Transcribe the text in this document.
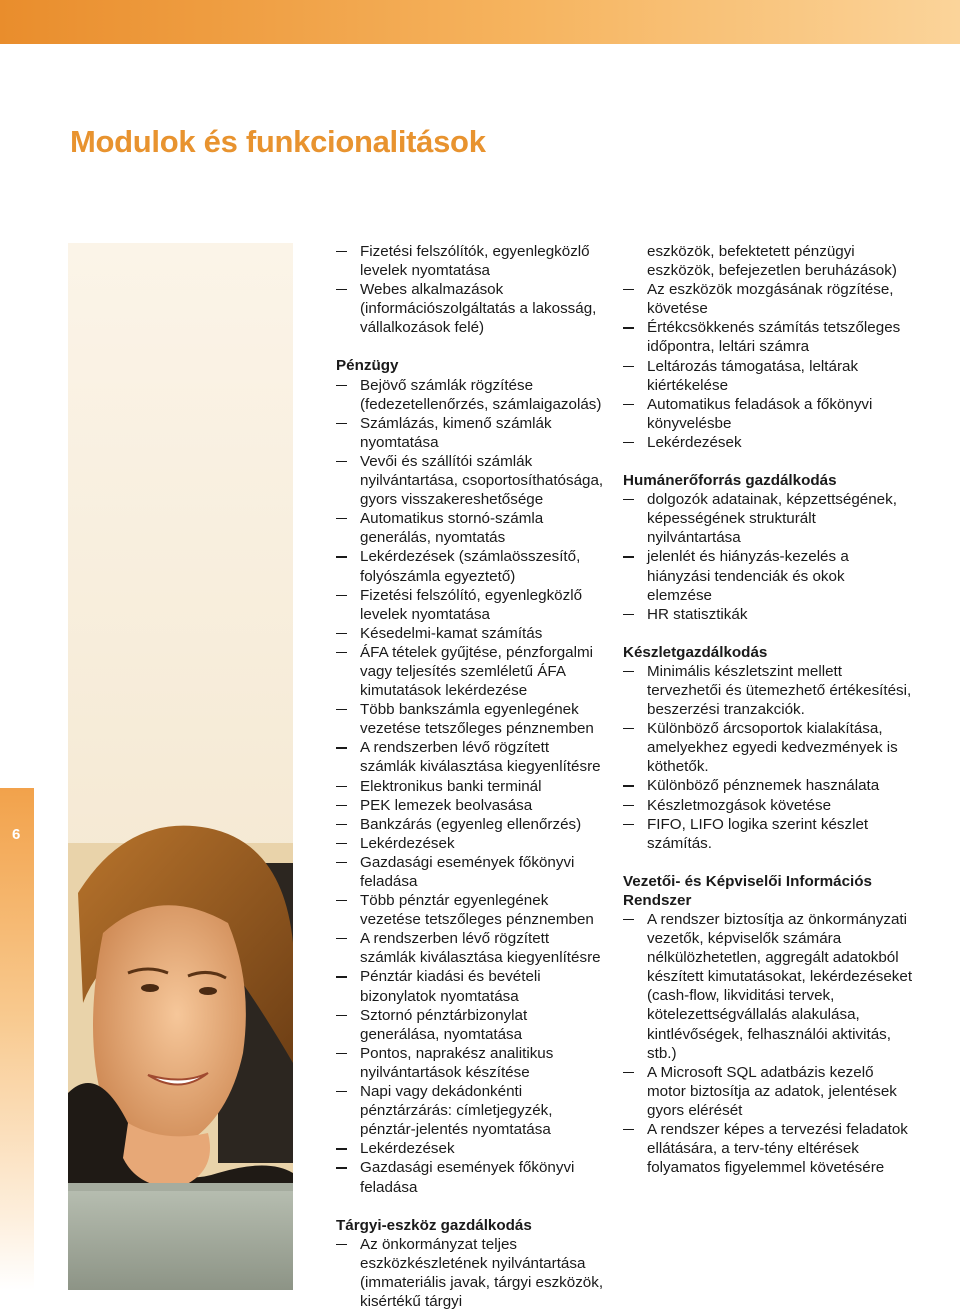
Modulok és funkcionalitások
6
Fizetési felszólítók, egyenlegközlő levelek nyomtatása
Webes alkalmazások (információszolgáltatás a lakosság, vállalkozások felé)

Pénzügy

Bejövő számlák rögzítése (fedezetellenőrzés, számlaigazolás)
Számlázás, kimenő számlák nyomtatása
Vevői és szállítói számlák nyilvántartása, csoportosíthatósága, gyors visszakereshetősége
Automatikus stornó-számla generálás, nyomtatás
Lekérdezések (számlaösszesítő, folyószámla egyeztető)
Fizetési felszólító, egyenlegközlő levelek nyomtatása
Késedelmi-kamat számítás
ÁFA tételek gyűjtése, pénzforgalmi vagy teljesítés szemléletű ÁFA kimutatások lekérdezése
Több bankszámla egyenlegének vezetése tetszőleges pénznemben
A rendszerben lévő rögzített számlák kiválasztása kiegyenlítésre
Elektronikus banki terminál
PEK lemezek beolvasása
Bankzárás (egyenleg ellenőrzés)
Lekérdezések
Gazdasági események főkönyvi feladása
Több pénztár egyenlegének vezetése tetszőleges pénznemben
A rendszerben lévő rögzített számlák kiválasztása kiegyenlítésre
Pénztár kiadási és bevételi bizonylatok nyomtatása
Sztornó pénztárbizonylat generálása, nyomtatása
Pontos, naprakész analitikus nyilvántartások készítése
Napi vagy dekádonkénti pénztárzárás: címletjegyzék, pénztár-jelentés nyomtatása
Lekérdezések
Gazdasági események főkönyvi feladása

Tárgyi-eszköz gazdálkodás

Az önkormányzat teljes eszközkészletének nyilvántartása (immateriális javak, tárgyi eszközök, kisértékű tárgyi
eszközök, befektetett pénzügyi eszközök, befejezetlen beruházások)
Az eszközök mozgásának rögzítése, követése
Értékcsökkenés számítás tetszőleges időpontra, leltári számra
Leltározás támogatása, leltárak kiértékelése
Automatikus feladások a főkönyvi könyvelésbe
Lekérdezések

Humánerőforrás gazdálkodás

dolgozók adatainak, képzettségének, képességének strukturált nyilvántartása
jelenlét és hiányzás-kezelés a hiányzási tendenciák és okok elemzése
HR statisztikák

Készletgazdálkodás

Minimális készletszint mellett tervezhetői és ütemezhető értékesítési, beszerzési tranzakciók.
Különböző árcsoportok kialakítása, amelyekhez egyedi kedvezmények is köthetők.
Különböző pénznemek használata
Készletmozgások követése
FIFO, LIFO logika szerint készlet számítás.

Vezetői- és Képviselői Információs Rendszer

A rendszer biztosítja az önkormányzati vezetők, képviselők számára nélkülözhetetlen, aggregált adatokból készített kimutatásokat, lekérdezéseket (cash-flow, likviditási tervek, kötelezettségvállalás alakulása, kintlévőségek, felhasználói aktivitás, stb.)
A Microsoft SQL adatbázis kezelő motor biztosítja az adatok, jelentések gyors elérését
A rendszer képes a tervezési feladatok ellátására, a terv-tény eltérések folyamatos figyelemmel követésére
